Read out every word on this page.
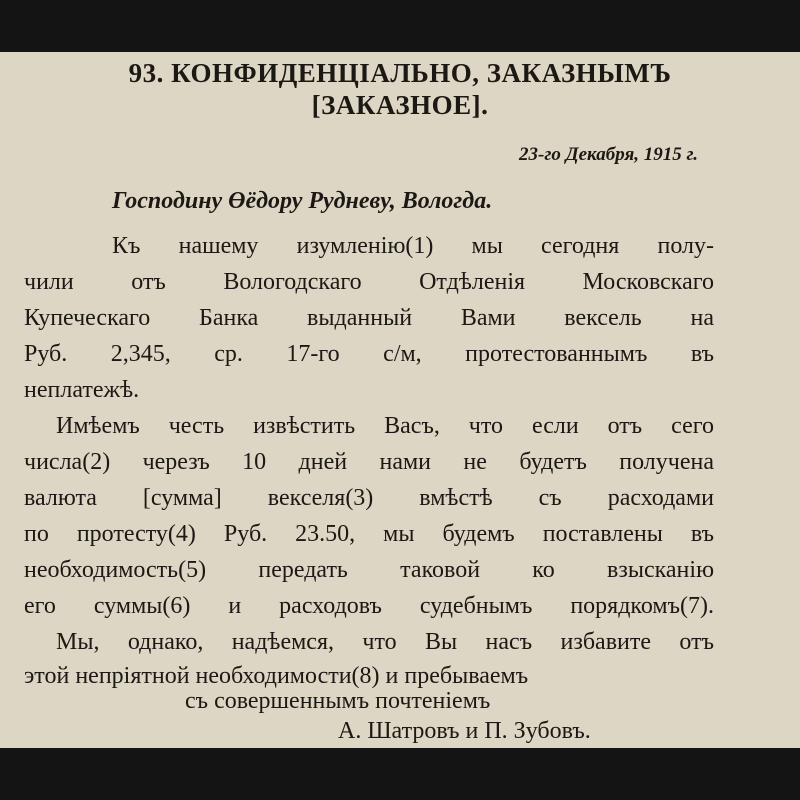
93. КОНФИДЕНЦІАЛЬНО, ЗАКАЗНЫМЪ
[ЗАКАЗНОЕ].
23-го Декабря, 1915 г.
Господину Өёдору Рудневу, Вологда.
Къ нашему изумленію(1) мы сегодня полу-
чили отъ Вологодскаго Отдѣленія Московскаго
Купеческаго Банка выданный Вами вексель на
Руб. 2,345, ср. 17-го с/м, протестованнымъ въ
неплатежѣ.
Имѣемъ честь извѣстить Васъ, что если отъ сего
числа(2) черезъ 10 дней нами не будетъ получена
валюта [сумма] векселя(3) вмѣстѣ съ расходами
по протесту(4) Руб. 23.50, мы будемъ поставлены въ
необходимость(5) передать таковой ко взысканію
его суммы(6) и расходовъ судебнымъ порядкомъ(7).
Мы, однако, надѣемся, что Вы насъ избавите отъ
этой непріятной необходимости(8) и пребываемъ
съ совершеннымъ почтеніемъ
А. Шатровъ и П. Зубовъ.
